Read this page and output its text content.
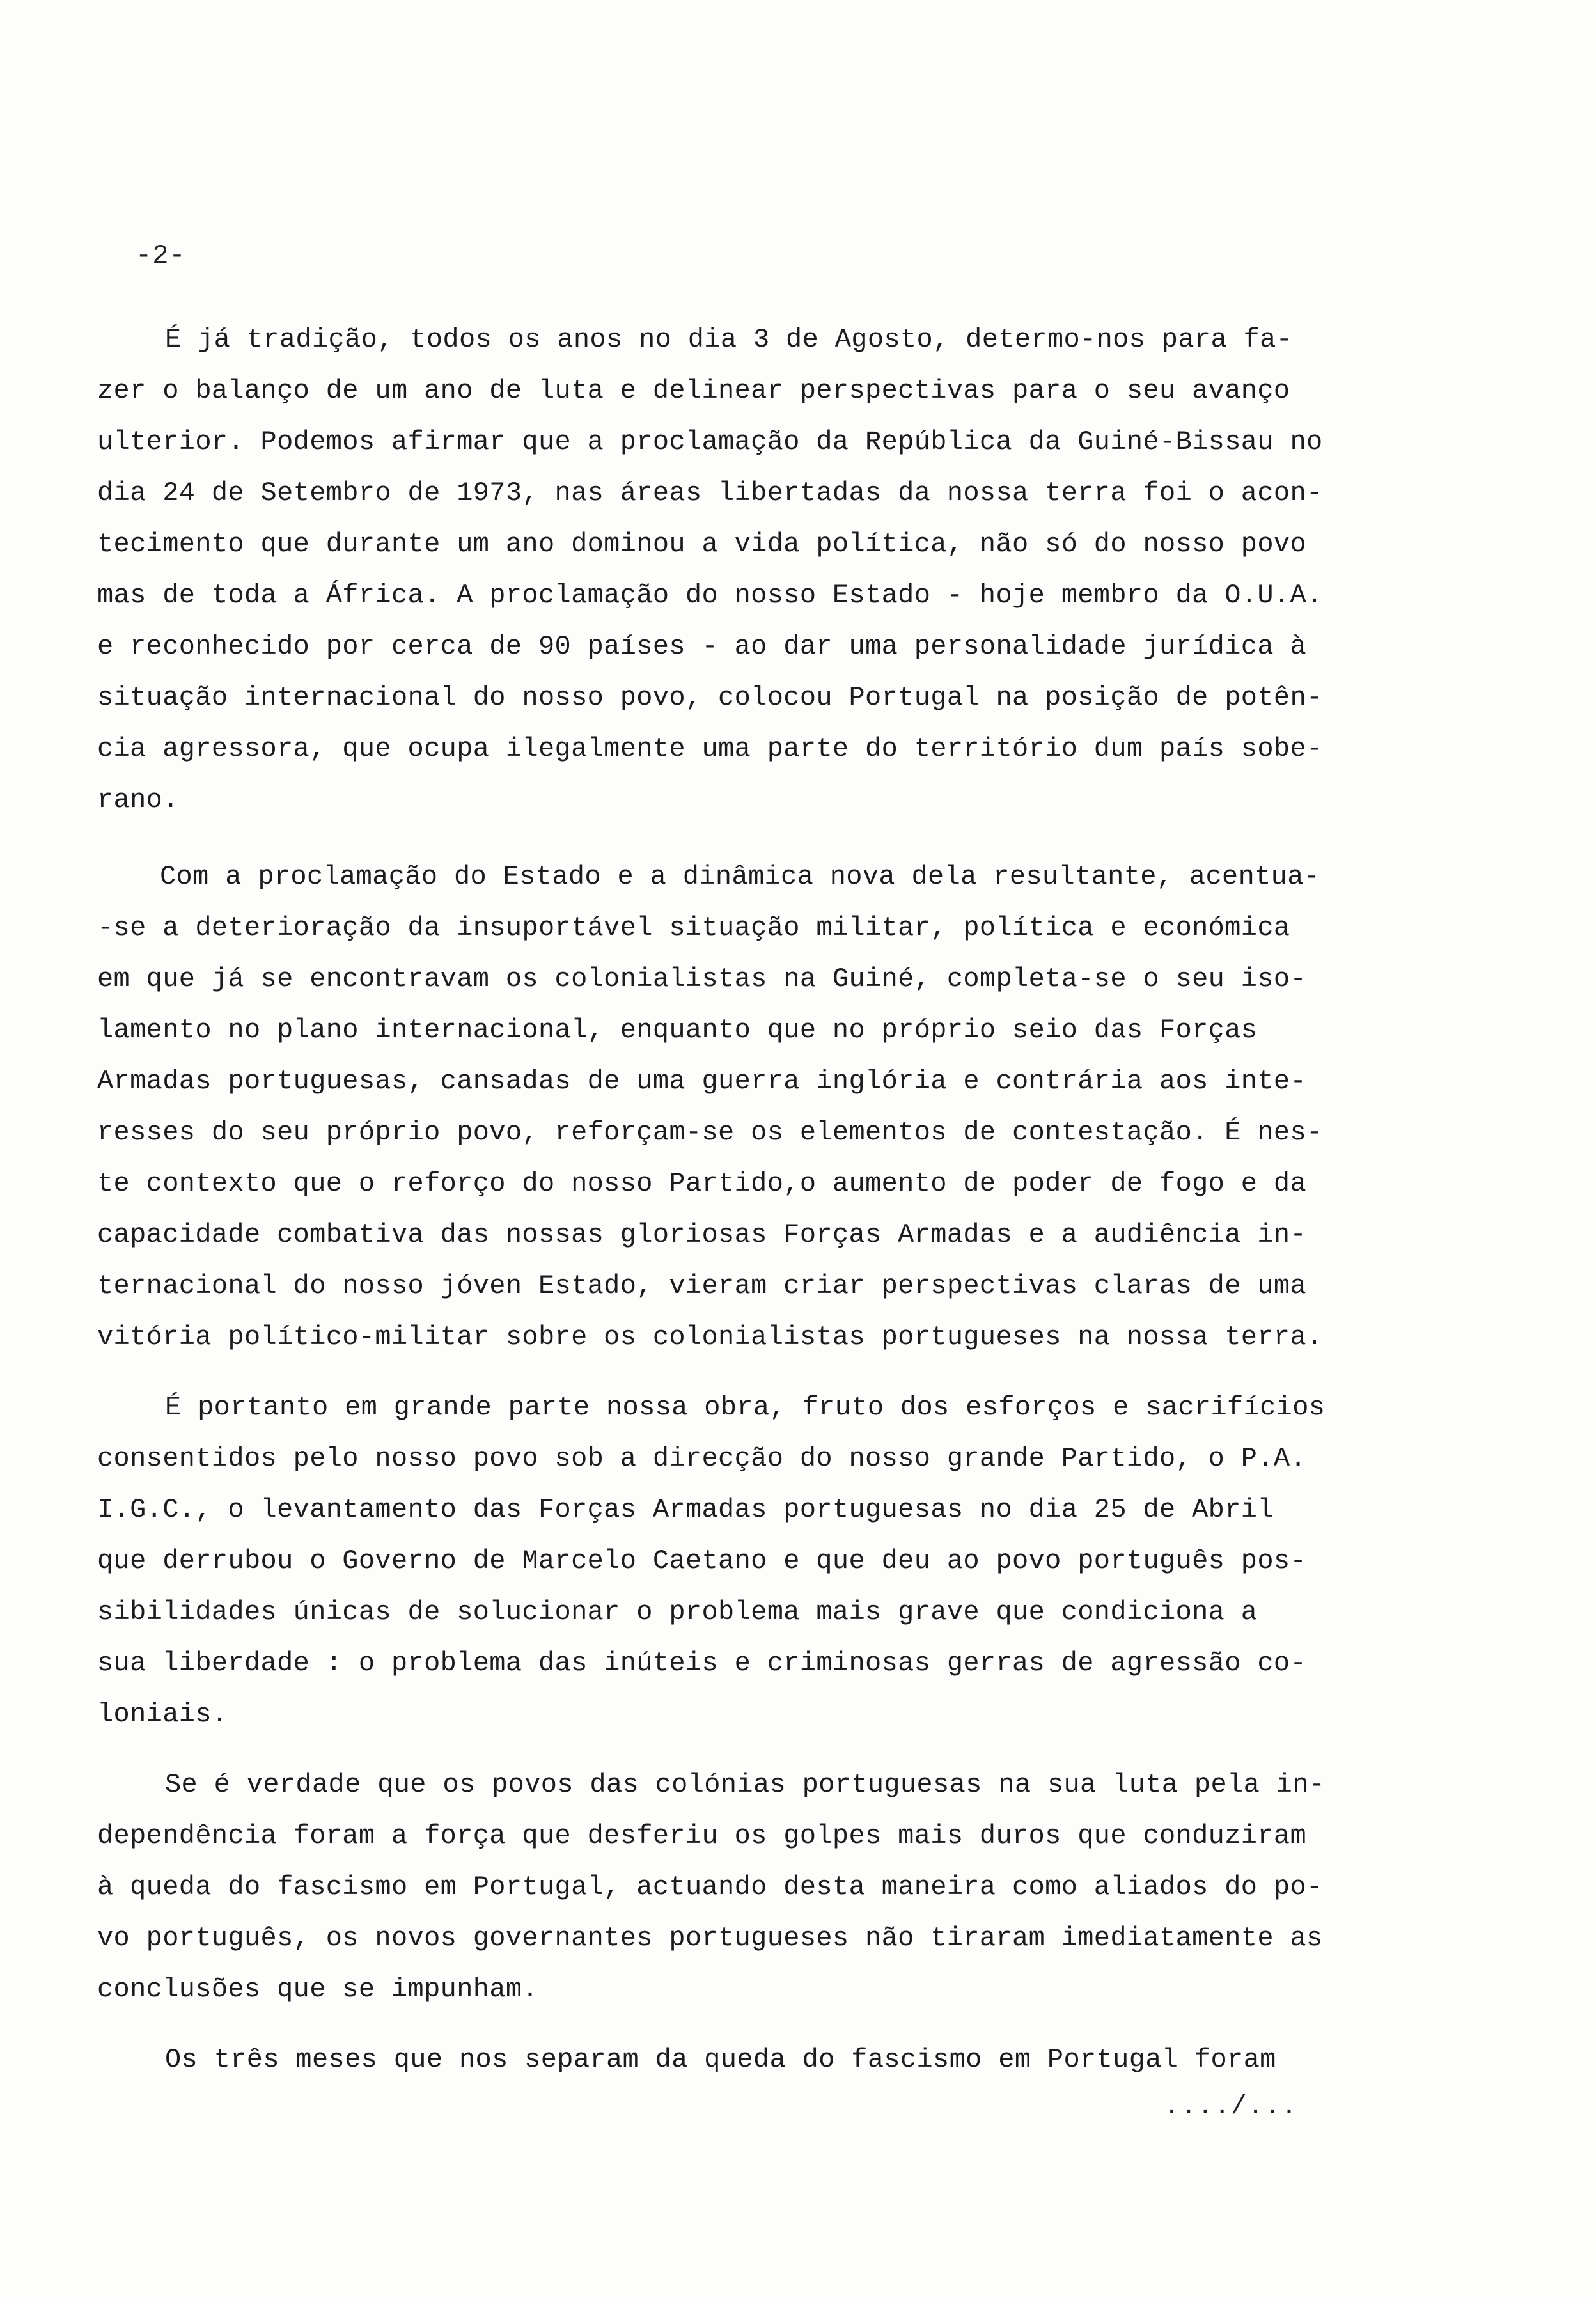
-2-
É já tradição, todos os anos no dia 3 de Agosto, determo-nos para fa-
zer o balanço de um ano de luta e delinear perspectivas para o seu avanço
ulterior. Podemos afirmar que a proclamação da República da Guiné-Bissau no
dia 24 de Setembro de 1973, nas áreas libertadas da nossa terra foi o acon-
tecimento que durante um ano dominou a vida política, não só do nosso povo
mas de toda a África. A proclamação do nosso Estado - hoje membro da O.U.A.
e reconhecido por cerca de 90 países - ao dar uma personalidade jurídica à
situação internacional do nosso povo, colocou Portugal na posição de potên-
cia agressora, que ocupa ilegalmente uma parte do território dum país sobe-
rano.
Com a proclamação do Estado e a dinâmica nova dela resultante, acentua-
-se a deterioração da insuportável situação militar, política e económica
em que já se encontravam os colonialistas na Guiné, completa-se o seu iso-
lamento no plano internacional, enquanto que no próprio seio das Forças
Armadas portuguesas, cansadas de uma guerra inglória e contrária aos inte-
resses do seu próprio povo, reforçam-se os elementos de contestação. É nes-
te contexto que o reforço do nosso Partido,o aumento de poder de fogo e da
capacidade combativa das nossas gloriosas Forças Armadas e a audiência in-
ternacional do nosso jóven Estado, vieram criar perspectivas claras de uma
vitória político-militar sobre os colonialistas portugueses na nossa terra.
É portanto em grande parte nossa obra, fruto dos esforços e sacrifícios
consentidos pelo nosso povo sob a direcção do nosso grande Partido, o P.A.
I.G.C., o levantamento das Forças Armadas portuguesas no dia 25 de Abril
que derrubou o Governo de Marcelo Caetano e que deu ao povo português pos-
sibilidades únicas de solucionar o problema mais grave que condiciona a
sua liberdade : o problema das inúteis e criminosas gerras de agressão co-
loniais.
Se é verdade que os povos das colónias portuguesas na sua luta pela in-
dependência foram a força que desferiu os golpes mais duros que conduziram
à queda do fascismo em Portugal, actuando desta maneira como aliados do po-
vo português, os novos governantes portugueses não tiraram imediatamente as
conclusões que se impunham.
Os três meses que nos separam da queda do fascismo em Portugal foram
..../...
